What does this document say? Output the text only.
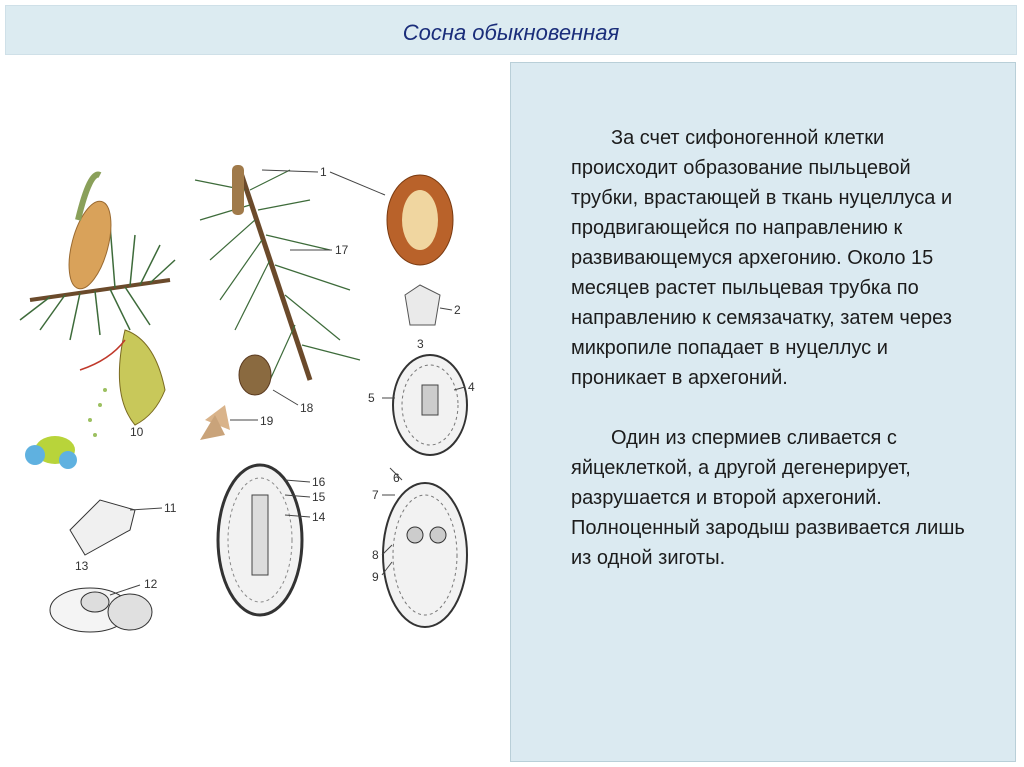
Сосна обыкновенная
1
2
3
4
5
6
7
8
9
10
11
12
13
14
15
16
17
18
19

За счет сифоногенной клетки происходит образование пыльцевой трубки, врастающей в ткань нуцеллуса и продвигающейся по направлению к развивающемуся архегонию. Около 15 месяцев растет пыльцевая трубка по направлению к семязачатку, затем через микропиле попадает в нуцеллус и проникает в архегоний.

Один из спермиев сливается с яйцеклеткой, а другой дегенерирует, разрушается и второй архегоний. Полноценный зародыш развивается лишь из одной зиготы.
